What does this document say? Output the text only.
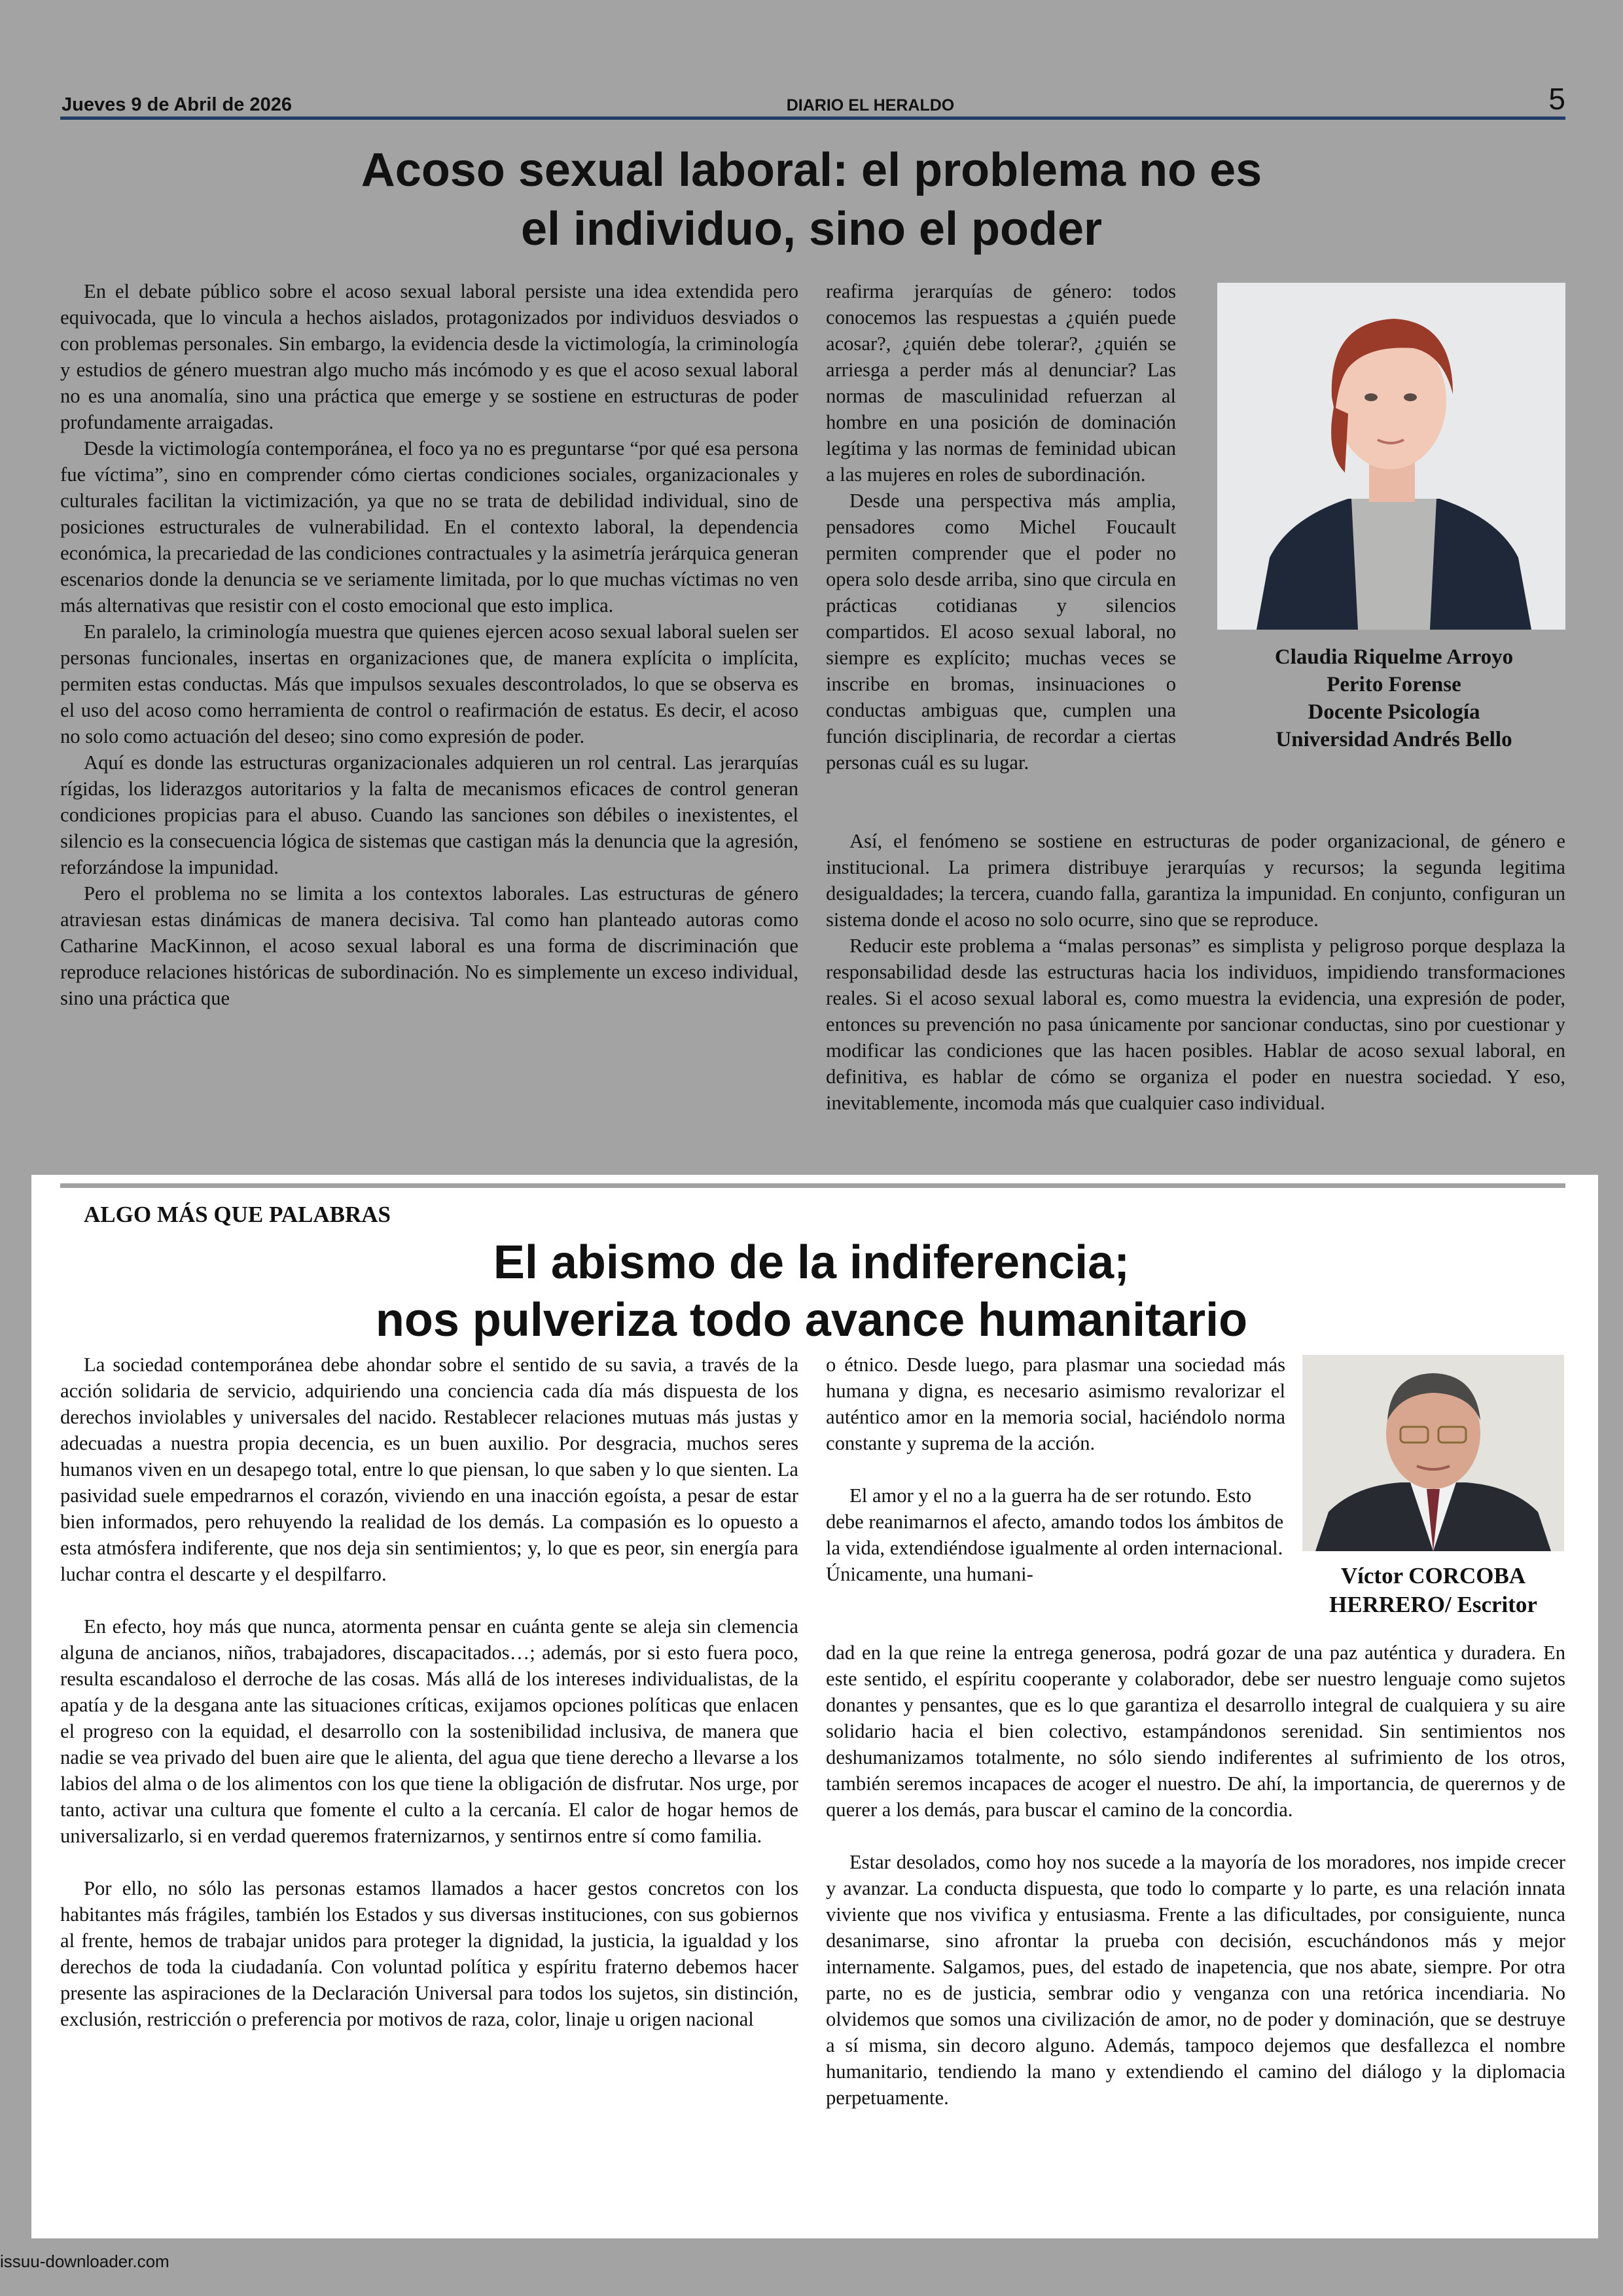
Jueves 9 de Abril de 2026	DIARIO EL HERALDO	5
Acoso sexual laboral: el problema no es
el individuo, sino el poder

En el debate público sobre el acoso sexual laboral persiste una idea extendida pero equivocada, que lo vincula a hechos aislados, protagonizados por individuos desviados o con problemas personales. Sin embargo, la evidencia desde la victimología, la criminología y estudios de género muestran algo mucho más incómodo y es que el acoso sexual laboral no es una anomalía, sino una práctica que emerge y se sostiene en estructuras de poder profundamente arraigadas.

Desde la victimología contemporánea, el foco ya no es preguntarse “por qué esa persona fue víctima”, sino en comprender cómo ciertas condiciones sociales, organizacionales y culturales facilitan la victimización, ya que no se trata de debilidad individual, sino de posiciones estructurales de vulnerabilidad. En el contexto laboral, la dependencia económica, la precariedad de las condiciones contractuales y la asimetría jerárquica generan escenarios donde la denuncia se ve seriamente limitada, por lo que muchas víctimas no ven más alternativas que resistir con el costo emocional que esto implica.

En paralelo, la criminología muestra que quienes ejercen acoso sexual laboral suelen ser personas funcionales, insertas en organizaciones que, de manera explícita o implícita, permiten estas conductas. Más que impulsos sexuales descontrolados, lo que se observa es el uso del acoso como herramienta de control o reafirmación de estatus. Es decir, el acoso no solo como actuación del deseo; sino como expresión de poder.

Aquí es donde las estructuras organizacionales adquieren un rol central. Las jerarquías rígidas, los liderazgos autoritarios y la falta de mecanismos eficaces de control generan condiciones propicias para el abuso. Cuando las sanciones son débiles o inexistentes, el silencio es la consecuencia lógica de sistemas que castigan más la denuncia que la agresión, reforzándose la impunidad.

Pero el problema no se limita a los contextos laborales. Las estructuras de género atraviesan estas dinámicas de manera decisiva. Tal como han planteado autoras como Catharine MacKinnon, el acoso sexual laboral es una forma de discriminación que reproduce relaciones históricas de subordinación. No es simplemente un exceso individual, sino una práctica que

reafirma jerarquías de género: todos conocemos las respuestas a ¿quién puede acosar?, ¿quién debe tolerar?, ¿quién se arriesga a perder más al denunciar? Las normas de masculinidad refuerzan al hombre en una posición de dominación legítima y las normas de feminidad ubican a las mujeres en roles de subordinación.

Desde una perspectiva más amplia, pensadores como Michel Foucault permiten comprender que el poder no opera solo desde arriba, sino que circula en prácticas cotidianas y silencios compartidos. El acoso sexual laboral, no siempre es explícito; muchas veces se inscribe en bromas, insinuaciones o conductas ambiguas que, cumplen una función disciplinaria, de recordar a ciertas personas cuál es su lugar.

Claudia Riquelme Arroyo
Perito Forense
Docente Psicología
Universidad Andrés Bello

Así, el fenómeno se sostiene en estructuras de poder organizacional, de género e institucional. La primera distribuye jerarquías y recursos; la segunda legitima desigualdades; la tercera, cuando falla, garantiza la impunidad. En conjunto, configuran un sistema donde el acoso no solo ocurre, sino que se reproduce.

Reducir este problema a “malas personas” es simplista y peligroso porque desplaza la responsabilidad desde las estructuras hacia los individuos, impidiendo transformaciones reales. Si el acoso sexual laboral es, como muestra la evidencia, una expresión de poder, entonces su prevención no pasa únicamente por sancionar conductas, sino por cuestionar y modificar las condiciones que las hacen posibles. Hablar de acoso sexual laboral, en definitiva, es hablar de cómo se organiza el poder en nuestra sociedad. Y eso, inevitablemente, incomoda más que cualquier caso individual.

ALGO MÁS QUE PALABRAS
El abismo de la indiferencia;
nos pulveriza todo avance humanitario

La sociedad contemporánea debe ahondar sobre el sentido de su savia, a través de la acción solidaria de servicio, adquiriendo una conciencia cada día más dispuesta de los derechos inviolables y universales del nacido. Restablecer relaciones mutuas más justas y adecuadas a nuestra propia decencia, es un buen auxilio. Por desgracia, muchos seres humanos viven en un desapego total, entre lo que piensan, lo que saben y lo que sienten. La pasividad suele empedrarnos el corazón, viviendo en una inacción egoísta, a pesar de estar bien informados, pero rehuyendo la realidad de los demás. La compasión es lo opuesto a esta atmósfera indiferente, que nos deja sin sentimientos; y, lo que es peor, sin energía para luchar contra el descarte y el despilfarro.

En efecto, hoy más que nunca, atormenta pensar en cuánta gente se aleja sin clemencia alguna de ancianos, niños, trabajadores, discapacitados…; además, por si esto fuera poco, resulta escandaloso el derroche de las cosas. Más allá de los intereses individualistas, de la apatía y de la desgana ante las situaciones críticas, exijamos opciones políticas que enlacen el progreso con la equidad, el desarrollo con la sostenibilidad inclusiva, de manera que nadie se vea privado del buen aire que le alienta, del agua que tiene derecho a llevarse a los labios del alma o de los alimentos con los que tiene la obligación de disfrutar. Nos urge, por tanto, activar una cultura que fomente el culto a la cercanía. El calor de hogar hemos de universalizarlo, si en verdad queremos fraternizarnos, y sentirnos entre sí como familia.

Por ello, no sólo las personas estamos llamados a hacer gestos concretos con los habitantes más frágiles, también los Estados y sus diversas instituciones, con sus gobiernos al frente, hemos de trabajar unidos para proteger la dignidad, la justicia, la igualdad y los derechos de toda la ciudadanía. Con voluntad política y espíritu fraterno debemos hacer presente las aspiraciones de la Declaración Universal para todos los sujetos, sin distinción, exclusión, restricción o preferencia por motivos de raza, color, linaje u origen nacional

o étnico. Desde luego, para plasmar una sociedad más humana y digna, es necesario asimismo revalorizar el auténtico amor en la memoria social, haciéndolo norma constante y suprema de la acción.

El amor y el no a la guerra ha de ser rotundo. Esto debe reanimarnos el afecto, amando todos los ámbitos de la vida, extendiéndose igualmente al orden internacional. Únicamente, una humani-	Víctor CORCOBA
HERRERO/ Escritor

dad en la que reine la entrega generosa, podrá gozar de una paz auténtica y duradera. En este sentido, el espíritu cooperante y colaborador, debe ser nuestro lenguaje como sujetos donantes y pensantes, que es lo que garantiza el desarrollo integral de cualquiera y su aire solidario hacia el bien colectivo, estampándonos serenidad. Sin sentimientos nos deshumanizamos totalmente, no sólo siendo indiferentes al sufrimiento de los otros, también seremos incapaces de acoger el nuestro. De ahí, la importancia, de querernos y de querer a los demás, para buscar el camino de la concordia.

Estar desolados, como hoy nos sucede a la mayoría de los moradores, nos impide crecer y avanzar. La conducta dispuesta, que todo lo comparte y lo parte, es una relación innata viviente que nos vivifica y entusiasma. Frente a las dificultades, por consiguiente, nunca desanimarse, sino afrontar la prueba con decisión, escuchándonos más y mejor internamente. Salgamos, pues, del estado de inapetencia, que nos abate, siempre. Por otra parte, no es de justicia, sembrar odio y venganza con una retórica incendiaria. No olvidemos que somos una civilización de amor, no de poder y dominación, que se destruye a sí misma, sin decoro alguno. Además, tampoco dejemos que desfallezca el nombre humanitario, tendiendo la mano y extendiendo el camino del diálogo y la diplomacia perpetuamente.

issuu-downloader.com
